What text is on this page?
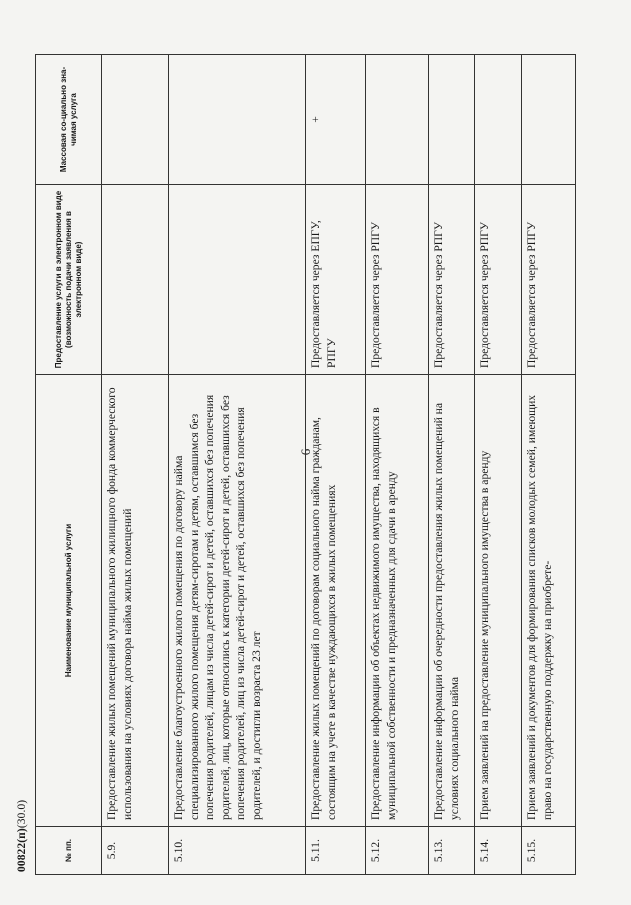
6
00822(п)(30.0)
№ пп.	Наименование муниципальной услуги	Предоставление услуги в электронном виде (возможность подачи заявления в электронном виде)	Массовая со-циально зна-чимая услуга
5.9.	Предоставление жилых помещений муниципального жилищного фонда коммерческого использования на условиях договора найма жилых помещений		
5.10.	Предоставление благоустроенного жилого помещения по договору найма специализированного жилого помещения детям-сиротам и детям, оставшимся без попечения родителей, лицам из числа детей-сирот и детей, оставшихся без попечения родителей, лиц, которые относились к категории детей-сирот и детей, оставшихся без попечения родителей, лиц из числа детей-сирот и детей, оставшихся без попечения родителей, и достигли возраста 23 лет		
5.11.	Предоставление жилых помещений по договорам социального найма гражданам, состоящим на учете в качестве нуждающихся в жилых помещениях	Предоставляется через ЕПГУ, РПГУ	+
5.12.	Предоставление информации об объектах недвижимого имущества, находящихся в муниципальной собственности и предназначенных для сдачи в аренду	Предоставляется через РПГУ	
5.13.	Предоставление информации об очередности предоставления жилых помещений на условиях социального найма	Предоставляется через РПГУ	
5.14.	Прием заявлений на предоставление муниципального имущества в аренду	Предоставляется через РПГУ	
5.15.	Прием заявлений и документов для формирования списков молодых семей, имеющих право на государственную поддержку на приобрете-	Предоставляется через РПГУ	
